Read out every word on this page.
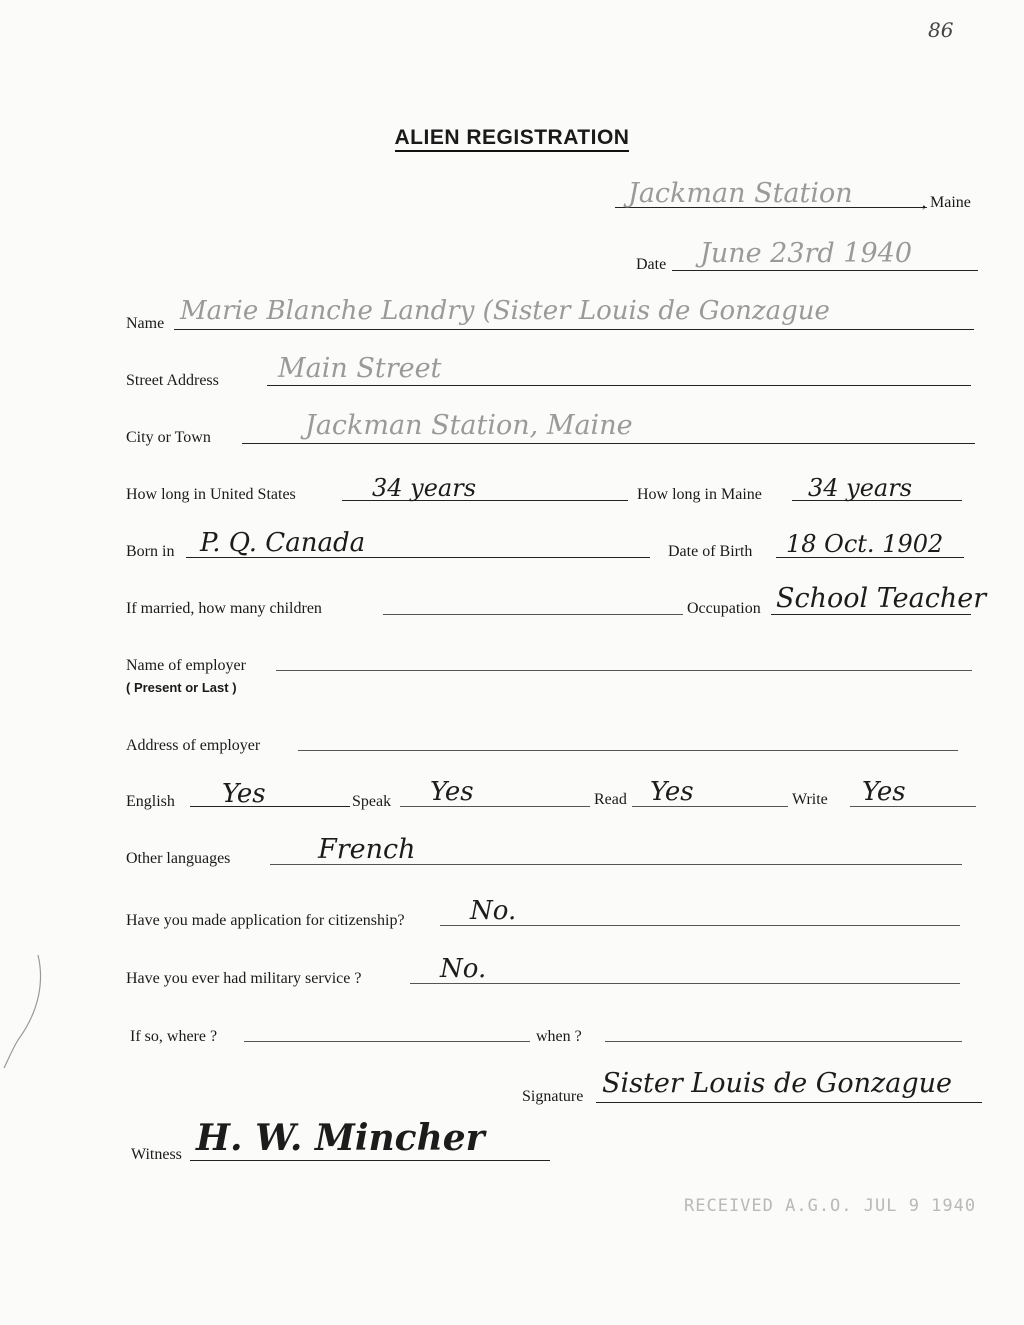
86
ALIEN REGISTRATION
Jackman Station	, Maine
Date June 23rd 1940
Name Marie Blanche Landry (Sister Louis de Gonzague
Street Address Main Street
City or Town	Jackman Station, Maine
How long in United States	34 years	How long in Maine 34 years
Born in P. Q. Canada	Date of Birth 18 Oct. 1902
If married, how many children	Occupation School Teacher
Name of employer
( Present or Last )
Address of employer
English Yes	Speak Yes	Read Yes	Write Yes
Other languages	French
Have you made application for citizenship?	No.
Have you ever had military service ?	No.
If so, where ?	when ?
Signature Sister Louis de Gonzague
Witness H. W. Mincher
RECEIVED A.G.O. JUL 9 1940
